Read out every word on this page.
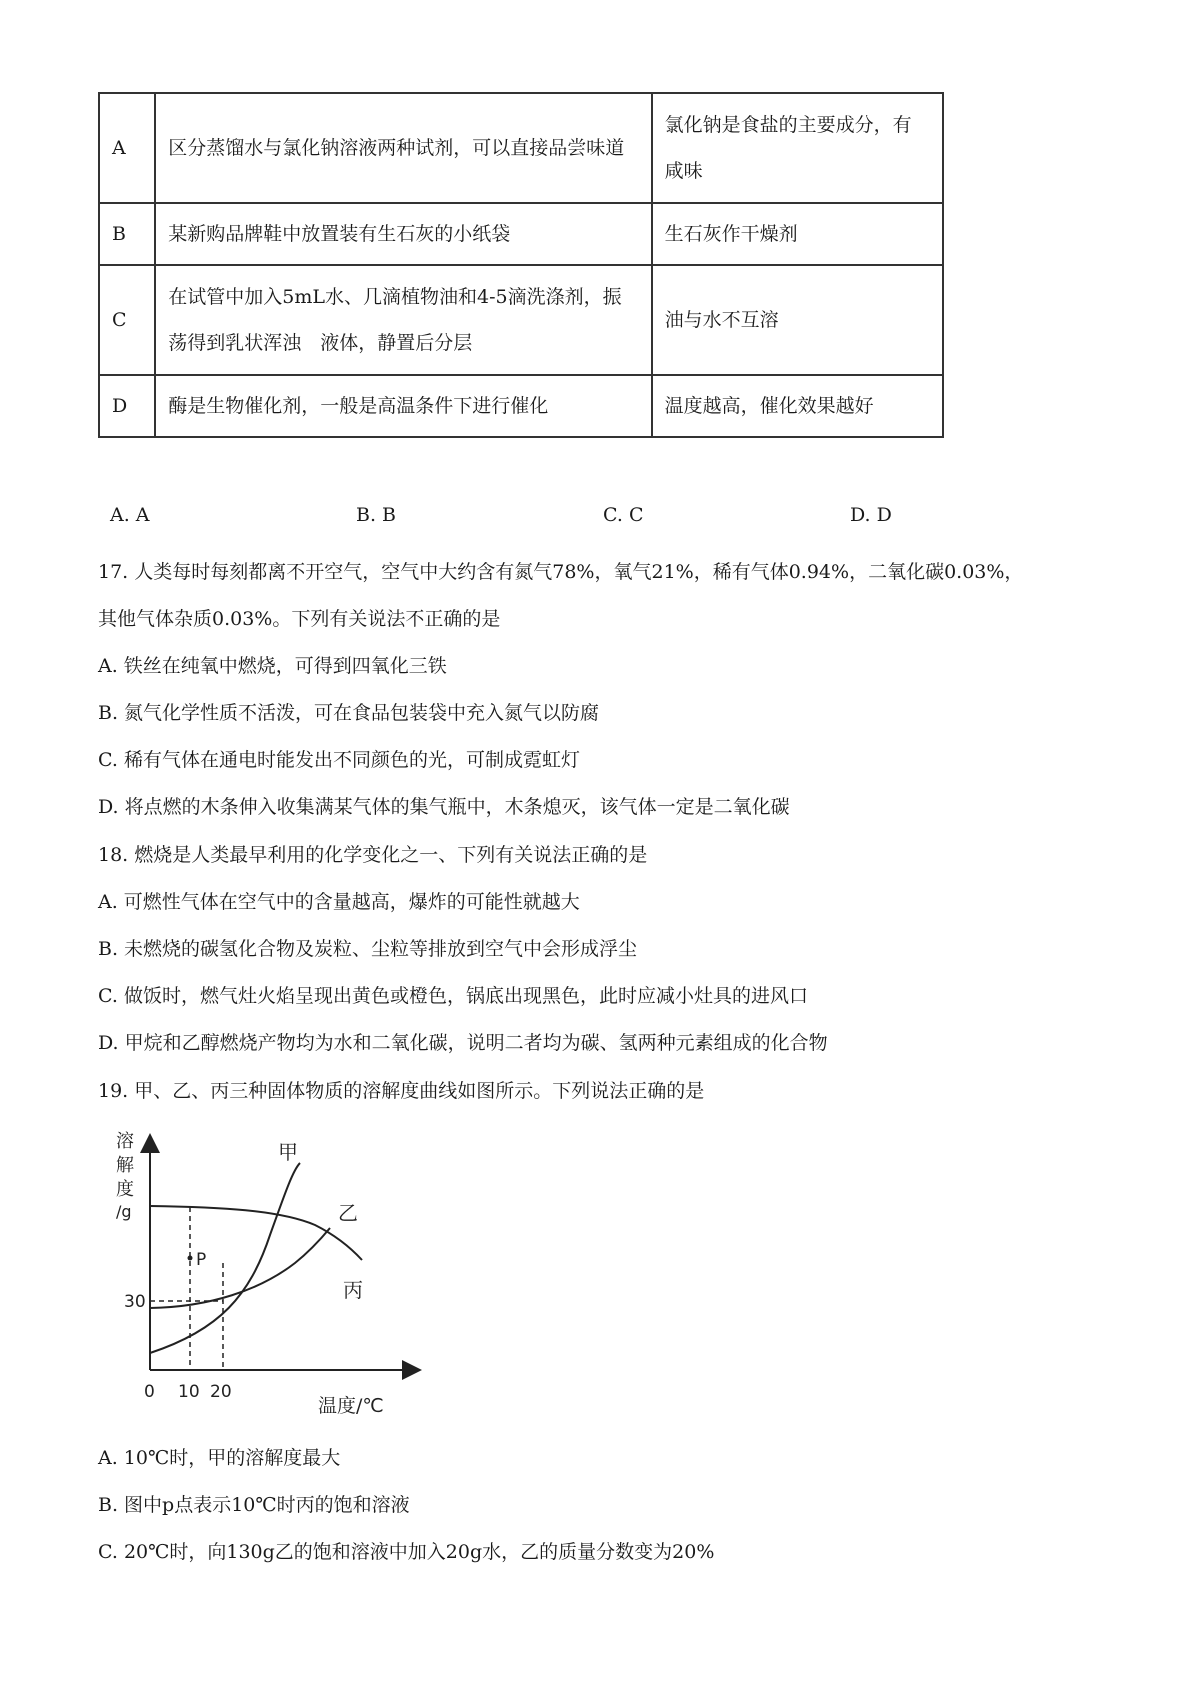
A	区分蒸馏水与氯化钠溶液两种试剂，可以直接品尝味道	氯化钠是食盐的主要成分，有咸味
B	某新购品牌鞋中放置装有生石灰的小纸袋	生石灰作干燥剂
C	在试管中加入5mL水、几滴植物油和4-5滴洗涤剂，振荡得到乳状浑浊　液体，静置后分层	油与水不互溶
D	酶是生物催化剂，一般是高温条件下进行催化	温度越高，催化效果越好
A. A	B. B	C. C	D. D
17. 人类每时每刻都离不开空气，空气中大约含有氮气78%，氧气21%，稀有气体0.94%，二氧化碳0.03%，
其他气体杂质0.03%。下列有关说法不正确的是
A. 铁丝在纯氧中燃烧，可得到四氧化三铁
B. 氮气化学性质不活泼，可在食品包装袋中充入氮气以防腐
C. 稀有气体在通电时能发出不同颜色的光，可制成霓虹灯
D. 将点燃的木条伸入收集满某气体的集气瓶中，木条熄灭，该气体一定是二氧化碳
18. 燃烧是人类最早利用的化学变化之一、下列有关说法正确的是
A. 可燃性气体在空气中的含量越高，爆炸的可能性就越大
B. 未燃烧的碳氢化合物及炭粒、尘粒等排放到空气中会形成浮尘
C. 做饭时，燃气灶火焰呈现出黄色或橙色，锅底出现黑色，此时应减小灶具的进风口
D. 甲烷和乙醇燃烧产物均为水和二氧化碳，说明二者均为碳、氢两种元素组成的化合物
19. 甲、乙、丙三种固体物质的溶解度曲线如图所示。下列说法正确的是
溶
解
度
/g
30
甲
乙
丙
P
0 10 20
温度/℃
A. 10℃时，甲的溶解度最大
B. 图中p点表示10℃时丙的饱和溶液
C. 20℃时，向130g乙的饱和溶液中加入20g水，乙的质量分数变为20%
